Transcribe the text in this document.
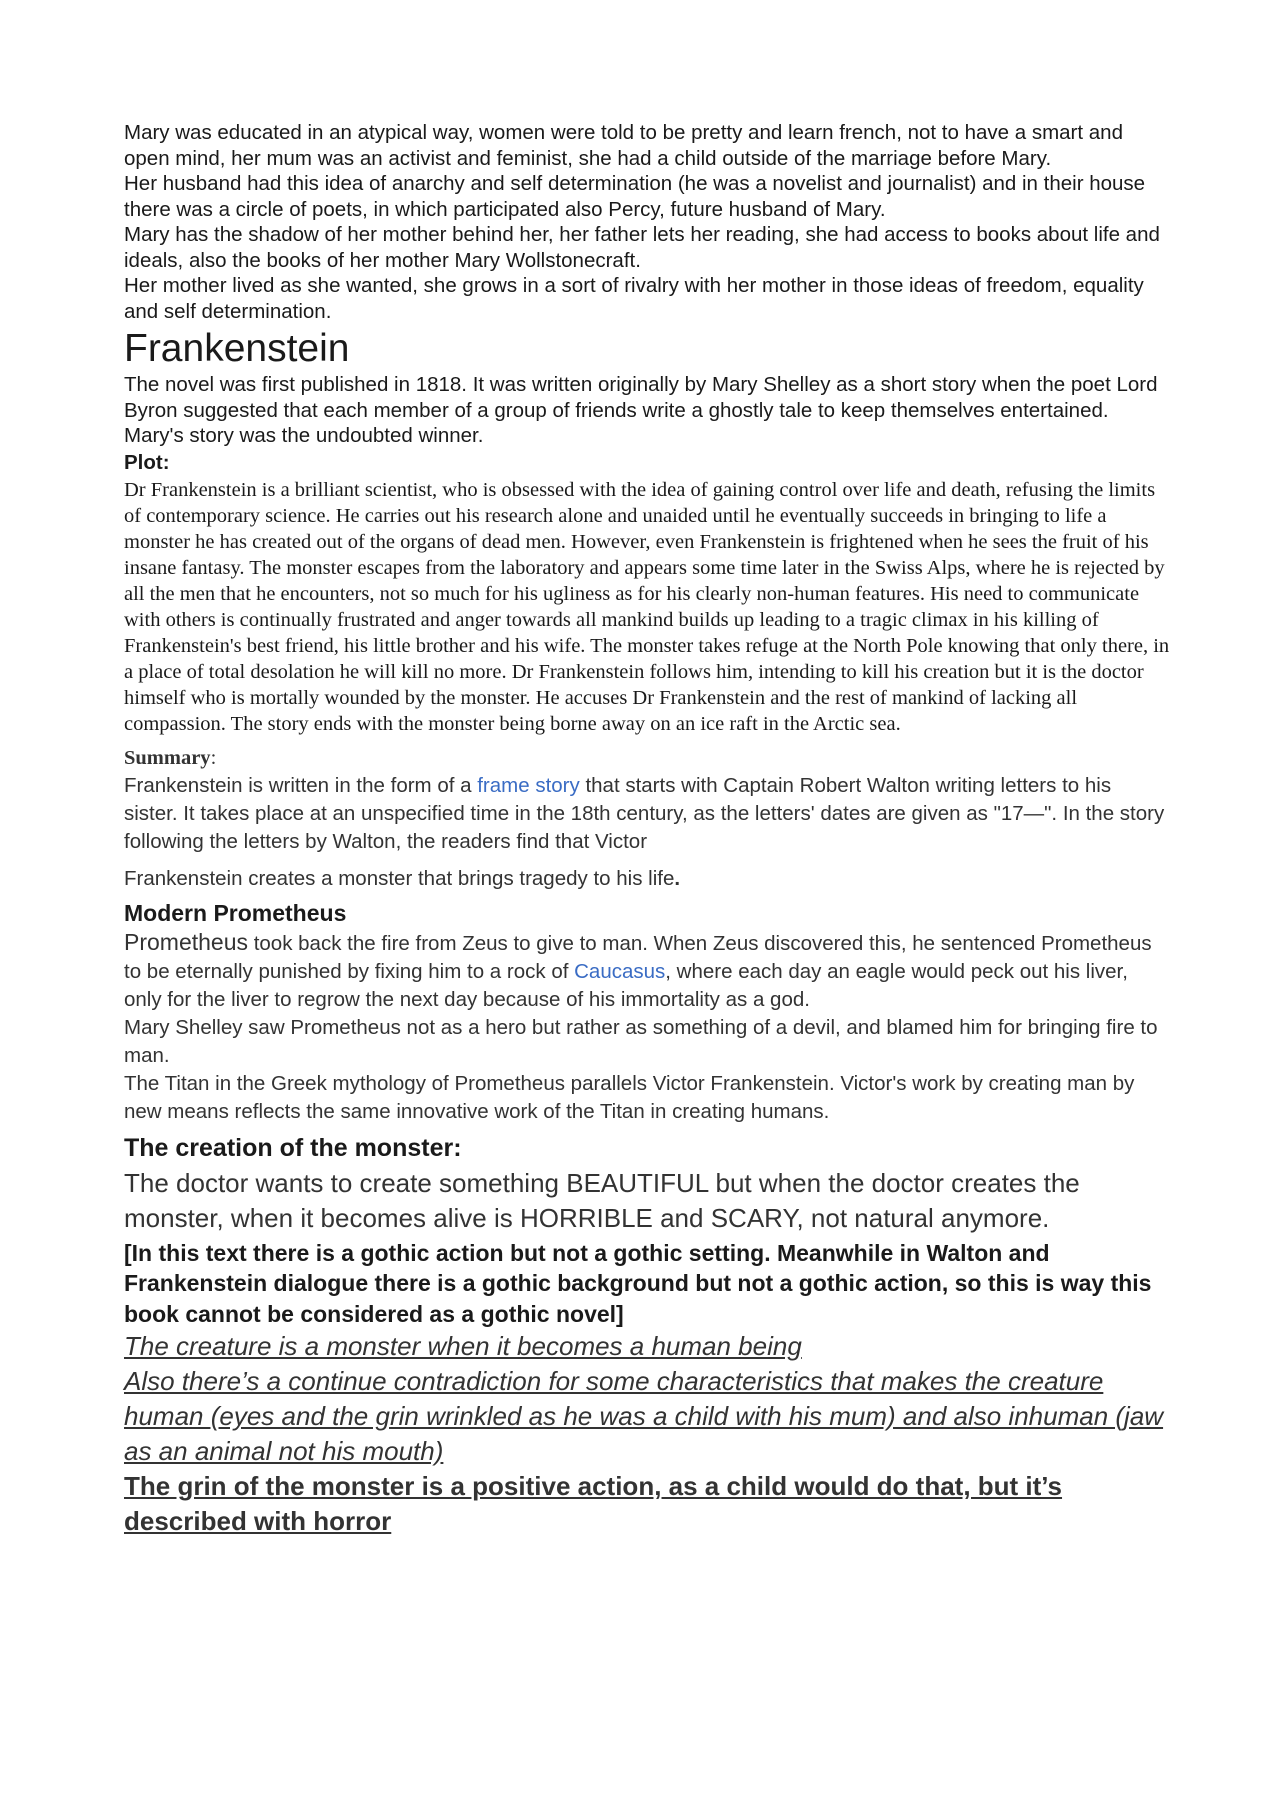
Mary was educated in an atypical way, women were told to be pretty and learn french, not to have a smart and open mind, her mum was an activist and feminist, she had a child outside of the marriage before Mary.

Her husband had this idea of anarchy and self determination (he was a novelist and journalist) and in their house there was a circle of poets, in which participated also Percy, future husband of Mary.

Mary has the shadow of her mother behind her, her father lets her reading, she had access to books about life and ideals, also the books of her mother Mary Wollstonecraft.

Her mother lived as she wanted, she grows in a sort of rivalry with her mother in those ideas of freedom, equality and self determination.

Frankenstein

The novel was first published in 1818. It was written originally by Mary Shelley as a short story when the poet Lord Byron suggested that each member of a group of friends write a ghostly tale to keep themselves entertained. Mary's story was the undoubted winner.

Plot:

Dr Frankenstein is a brilliant scientist, who is obsessed with the idea of gaining control over life and death, refusing the limits of contemporary science. He carries out his research alone and unaided until he eventually succeeds in bringing to life a monster he has created out of the organs of dead men. However, even Frankenstein is frightened when he sees the fruit of his insane fantasy. The monster escapes from the laboratory and appears some time later in the Swiss Alps, where he is rejected by all the men that he encounters, not so much for his ugliness as for his clearly non-human features. His need to communicate with others is continually frustrated and anger towards all mankind builds up leading to a tragic climax in his killing of Frankenstein's best friend, his little brother and his wife. The monster takes refuge at the North Pole knowing that only there, in a place of total desolation he will kill no more. Dr Frankenstein follows him, intending to kill his creation but it is the doctor himself who is mortally wounded by the monster. He accuses Dr Frankenstein and the rest of mankind of lacking all compassion. The story ends with the monster being borne away on an ice raft in the Arctic sea.

Summary:

Frankenstein is written in the form of a frame story that starts with Captain Robert Walton writing letters to his sister. It takes place at an unspecified time in the 18th century, as the letters' dates are given as "17—". In the story following the letters by Walton, the readers find that Victor

Frankenstein creates a monster that brings tragedy to his life.

Modern Prometheus

Prometheus took back the fire from Zeus to give to man. When Zeus discovered this, he sentenced Prometheus to be eternally punished by fixing him to a rock of Caucasus, where each day an eagle would peck out his liver, only for the liver to regrow the next day because of his immortality as a god.

Mary Shelley saw Prometheus not as a hero but rather as something of a devil, and blamed him for bringing fire to man.

The Titan in the Greek mythology of Prometheus parallels Victor Frankenstein. Victor's work by creating man by new means reflects the same innovative work of the Titan in creating humans.

The creation of the monster:

The doctor wants to create something BEAUTIFUL but when the doctor creates the monster, when it becomes alive is HORRIBLE and SCARY, not natural anymore.

[In this text there is a gothic action but not a gothic setting. Meanwhile in Walton and Frankenstein dialogue there is a gothic background but not a gothic action, so this is way this book cannot be considered as a gothic novel]

The creature is a monster when it becomes a human being

Also there’s a continue contradiction for some characteristics that makes the creature human (eyes and the grin wrinkled as he was a child with his mum) and also inhuman (jaw as an animal not his mouth)

The grin of the monster is a positive action, as a child would do that, but it’s described with horror
